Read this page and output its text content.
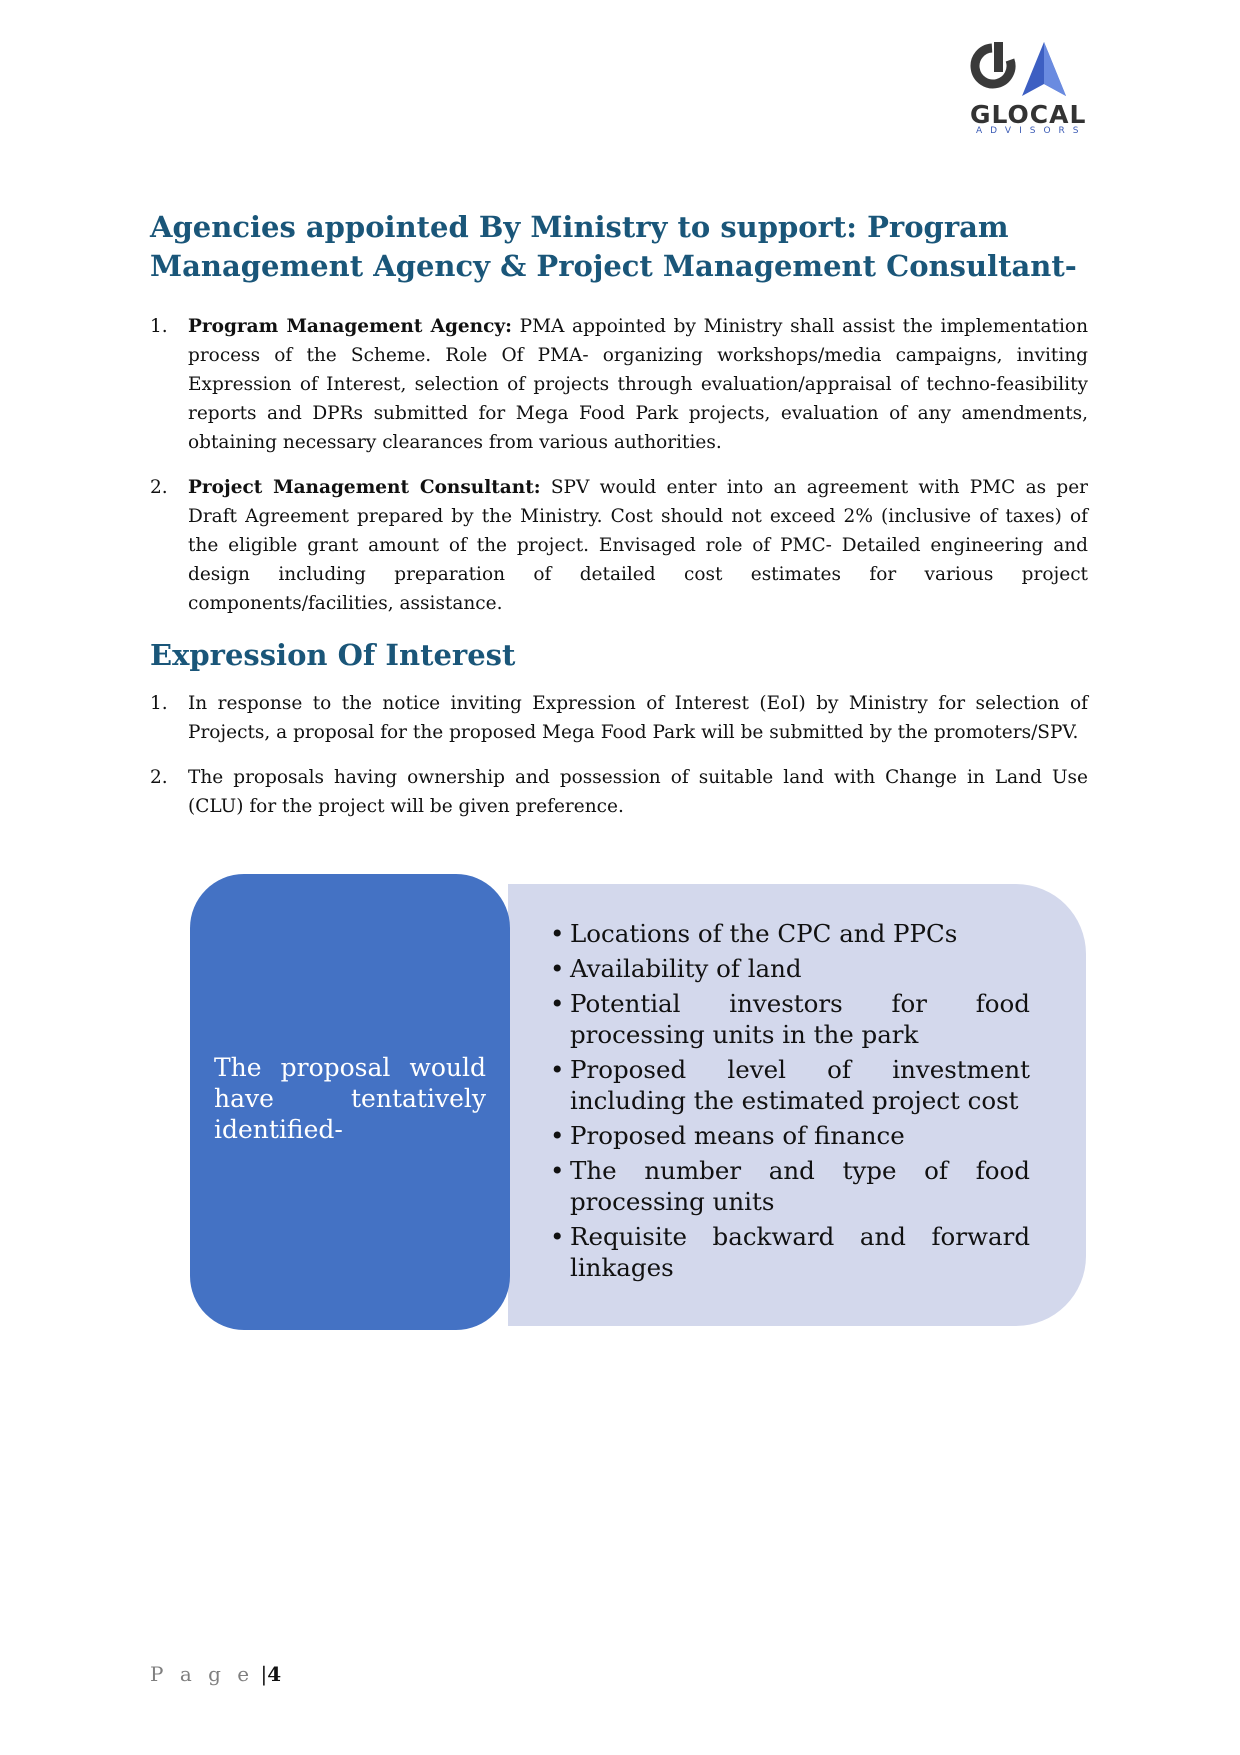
GLOCAL
ADVISORS
Agencies appointed By Ministry to support: Program Management Agency & Project Management Consultant-
1. Program Management Agency: PMA appointed by Ministry shall assist the implementation process of the Scheme. Role Of PMA- organizing workshops/media campaigns, inviting Expression of Interest, selection of projects through evaluation/appraisal of techno-feasibility reports and DPRs submitted for Mega Food Park projects, evaluation of any amendments, obtaining necessary clearances from various authorities.
2. Project Management Consultant: SPV would enter into an agreement with PMC as per Draft Agreement prepared by the Ministry. Cost should not exceed 2% (inclusive of taxes) of the eligible grant amount of the project. Envisaged role of PMC- Detailed engineering and design including preparation of detailed cost estimates for various project components/facilities, assistance.
Expression Of Interest
1. In response to the notice inviting Expression of Interest (EoI) by Ministry for selection of Projects, a proposal for the proposed Mega Food Park will be submitted by the promoters/SPV.
2. The proposals having ownership and possession of suitable land with Change in Land Use (CLU) for the project will be given preference.
The proposal would have tentatively identified-
• Locations of the CPC and PPCs
• Availability of land
• Potential investors for food processing units in the park
• Proposed level of investment including the estimated project cost
• Proposed means of finance
• The number and type of food processing units
• Requisite backward and forward linkages
P a g e |4
